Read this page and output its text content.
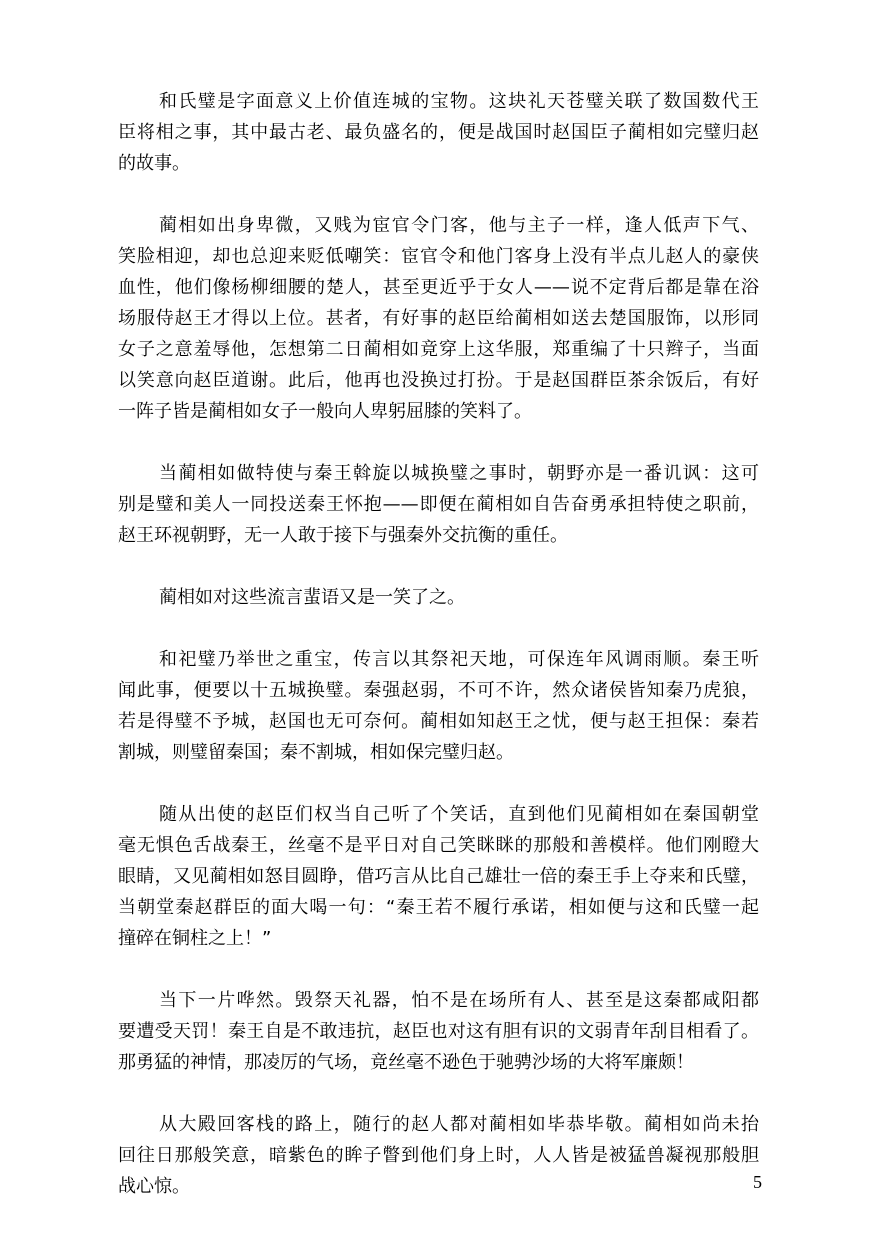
和氏璧是字面意义上价值连城的宝物。这块礼天苍璧关联了数国数代王
臣将相之事，其中最古老、最负盛名的，便是战国时赵国臣子蔺相如完璧归赵
的故事。
蔺相如出身卑微，又贱为宦官令门客，他与主子一样，逢人低声下气、
笑脸相迎，却也总迎来贬低嘲笑：宦官令和他门客身上没有半点儿赵人的豪侠
血性，他们像杨柳细腰的楚人，甚至更近乎于女人——说不定背后都是靠在浴
场服侍赵王才得以上位。甚者，有好事的赵臣给蔺相如送去楚国服饰，以形同
女子之意羞辱他，怎想第二日蔺相如竟穿上这华服，郑重编了十只辫子，当面
以笑意向赵臣道谢。此后，他再也没换过打扮。于是赵国群臣茶余饭后，有好
一阵子皆是蔺相如女子一般向人卑躬屈膝的笑料了。
当蔺相如做特使与秦王斡旋以城换璧之事时，朝野亦是一番讥讽：这可
别是璧和美人一同投送秦王怀抱——即便在蔺相如自告奋勇承担特使之职前，
赵王环视朝野，无一人敢于接下与强秦外交抗衡的重任。
蔺相如对这些流言蜚语又是一笑了之。
和祀璧乃举世之重宝，传言以其祭祀天地，可保连年风调雨顺。秦王听
闻此事，便要以十五城换璧。秦强赵弱，不可不许，然众诸侯皆知秦乃虎狼，
若是得璧不予城，赵国也无可奈何。蔺相如知赵王之忧，便与赵王担保：秦若
割城，则璧留秦国；秦不割城，相如保完璧归赵。
随从出使的赵臣们权当自己听了个笑话，直到他们见蔺相如在秦国朝堂
毫无惧色舌战秦王，丝毫不是平日对自己笑眯眯的那般和善模样。他们刚瞪大
眼睛，又见蔺相如怒目圆睁，借巧言从比自己雄壮一倍的秦王手上夺来和氏璧，
当朝堂秦赵群臣的面大喝一句：“秦王若不履行承诺，相如便与这和氏璧一起
撞碎在铜柱之上！”
当下一片哗然。毁祭天礼器，怕不是在场所有人、甚至是这秦都咸阳都
要遭受天罚！秦王自是不敢违抗，赵臣也对这有胆有识的文弱青年刮目相看了。
那勇猛的神情，那凌厉的气场，竟丝毫不逊色于驰骋沙场的大将军廉颇！
从大殿回客栈的路上，随行的赵人都对蔺相如毕恭毕敬。蔺相如尚未抬
回往日那般笑意，暗紫色的眸子瞥到他们身上时，人人皆是被猛兽凝视那般胆
战心惊。	5
